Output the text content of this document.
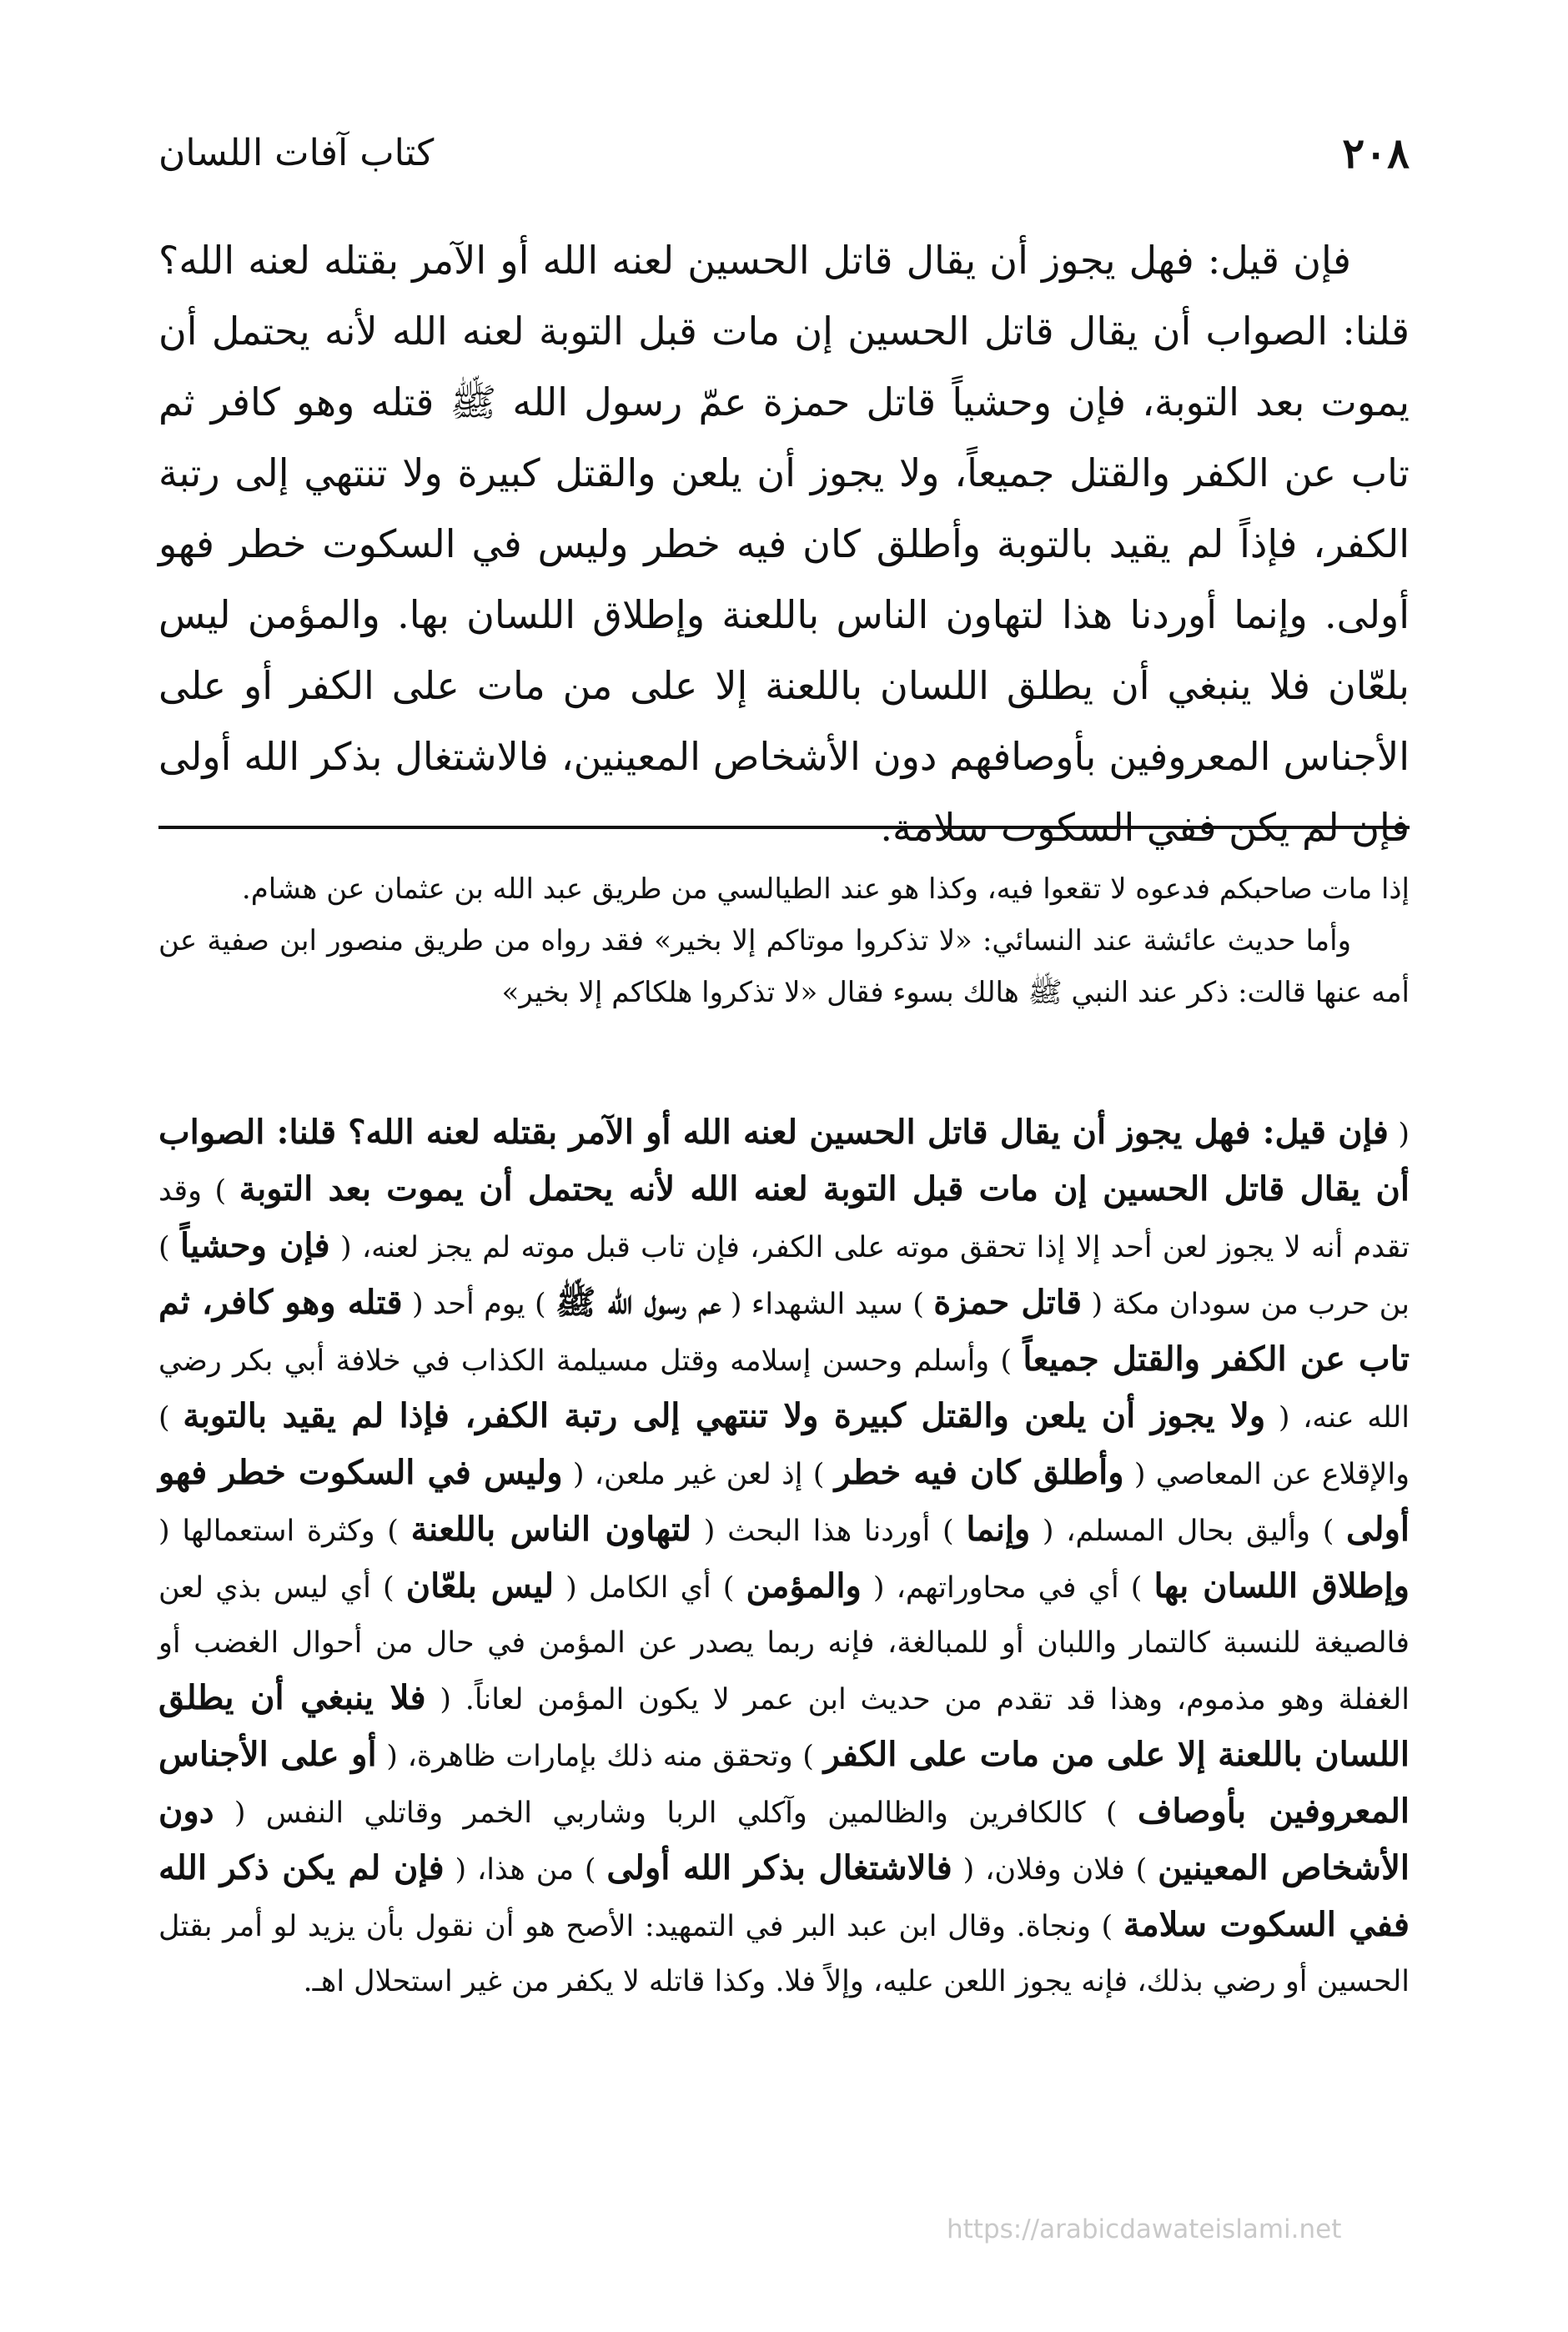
٢٠٨
كتاب آفات اللسان

فإن قيل: فهل يجوز أن يقال قاتل الحسين لعنه الله أو الآمر بقتله لعنه الله؟ قلنا: الصواب أن يقال قاتل الحسين إن مات قبل التوبة لعنه الله لأنه يحتمل أن يموت بعد التوبة، فإن وحشياً قاتل حمزة عمّ رسول الله ﷺ قتله وهو كافر ثم تاب عن الكفر والقتل جميعاً، ولا يجوز أن يلعن والقتل كبيرة ولا تنتهي إلى رتبة الكفر، فإذاً لم يقيد بالتوبة وأطلق كان فيه خطر وليس في السكوت خطر فهو أولى. وإنما أوردنا هذا لتهاون الناس باللعنة وإطلاق اللسان بها. والمؤمن ليس بلعّان فلا ينبغي أن يطلق اللسان باللعنة إلا على من مات على الكفر أو على الأجناس المعروفين بأوصافهم دون الأشخاص المعينين، فالاشتغال بذكر الله أولى فإن لم يكن ففي السكوت سلامة.

إذا مات صاحبكم فدعوه لا تقعوا فيه، وكذا هو عند الطيالسي من طريق عبد الله بن عثمان عن هشام.

وأما حديث عائشة عند النسائي: «لا تذكروا موتاكم إلا بخير» فقد رواه من طريق منصور ابن صفية عن أمه عنها قالت: ذكر عند النبي ﷺ هالك بسوء فقال «لا تذكروا هلكاكم إلا بخير»

( فإن قيل: فهل يجوز أن يقال قاتل الحسين لعنه الله أو الآمر بقتله لعنه الله؟ قلنا: الصواب أن يقال قاتل الحسين إن مات قبل التوبة لعنه الله لأنه يحتمل أن يموت بعد التوبة ) وقد تقدم أنه لا يجوز لعن أحد إلا إذا تحقق موته على الكفر، فإن تاب قبل موته لم يجز لعنه، ( فإن وحشياً ) بن حرب من سودان مكة ( قاتل حمزة ) سيد الشهداء ( عم رسول الله ﷺ ) يوم أحد ( قتله وهو كافر، ثم تاب عن الكفر والقتل جميعاً ) وأسلم وحسن إسلامه وقتل مسيلمة الكذاب في خلافة أبي بكر رضي الله عنه، ( ولا يجوز أن يلعن والقتل كبيرة ولا تنتهي إلى رتبة الكفر، فإذا لم يقيد بالتوبة ) والإقلاع عن المعاصي ( وأطلق كان فيه خطر ) إذ لعن غير ملعن، ( وليس في السكوت خطر فهو أولى ) وأليق بحال المسلم، ( وإنما ) أوردنا هذا البحث ( لتهاون الناس باللعنة ) وكثرة استعمالها ( وإطلاق اللسان بها ) أي في محاوراتهم، ( والمؤمن ) أي الكامل ( ليس بلعّان ) أي ليس بذي لعن فالصيغة للنسبة كالتمار واللبان أو للمبالغة، فإنه ربما يصدر عن المؤمن في حال من أحوال الغضب أو الغفلة وهو مذموم، وهذا قد تقدم من حديث ابن عمر لا يكون المؤمن لعاناً. ( فلا ينبغي أن يطلق اللسان باللعنة إلا على من مات على الكفر ) وتحقق منه ذلك بإمارات ظاهرة، ( أو على الأجناس المعروفين بأوصاف ) كالكافرين والظالمين وآكلي الربا وشاربي الخمر وقاتلي النفس ( دون الأشخاص المعينين ) فلان وفلان، ( فالاشتغال بذكر الله أولى ) من هذا، ( فإن لم يكن ذكر الله ففي السكوت سلامة ) ونجاة. وقال ابن عبد البر في التمهيد: الأصح هو أن نقول بأن يزيد لو أمر بقتل الحسين أو رضي بذلك، فإنه يجوز اللعن عليه، وإلاً فلا. وكذا قاتله لا يكفر من غير استحلال اهـ.

https://arabicdawateislami.net
